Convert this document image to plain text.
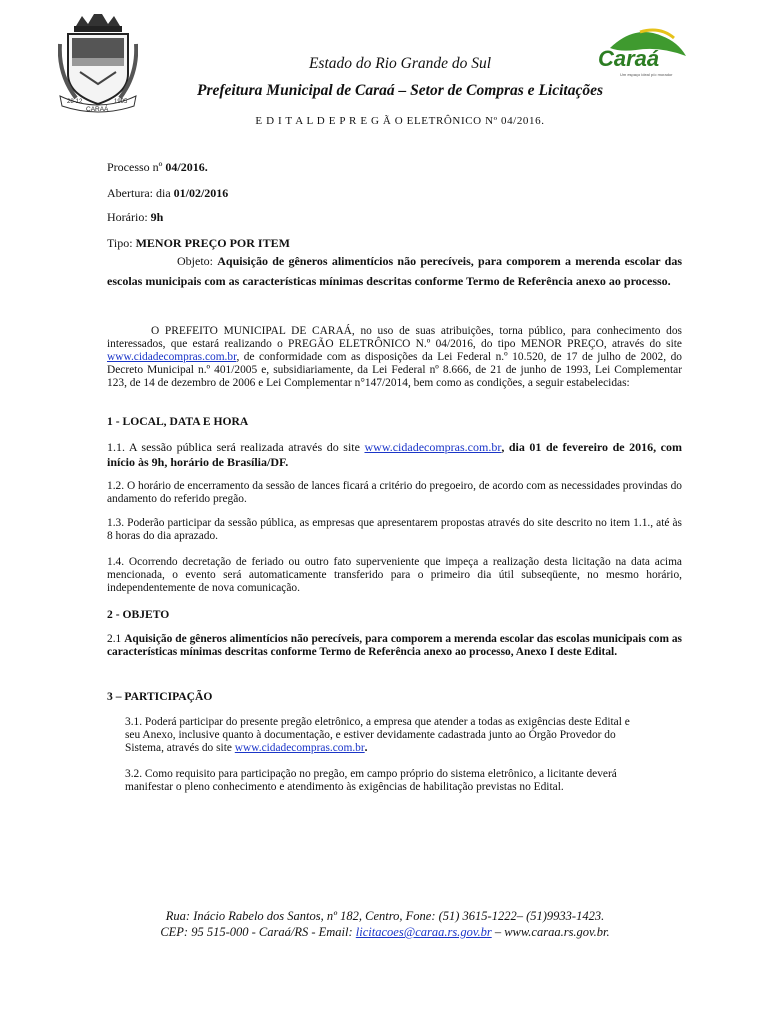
28-12	1995
CARAÁ
Caraá
Um espaço ideal p/o morador
Estado do Rio Grande do Sul
Prefeitura Municipal de Caraá – Setor de Compras e Licitações
E D I T A L D E P R E G Ã O ELETRÔNICO Nº 04/2016.
Processo nº 04/2016.
Abertura: dia 01/02/2016
Horário: 9h
Tipo: MENOR PREÇO POR ITEM
Objeto: Aquisição de gêneros alimentícios não perecíveis, para comporem a merenda escolar das escolas municipais com as características mínimas descritas conforme Termo de Referência anexo ao processo.
O PREFEITO MUNICIPAL DE CARAÁ, no uso de suas atribuições, torna público, para conhecimento dos interessados, que estará realizando o PREGÃO ELETRÔNICO N.º 04/2016, do tipo MENOR PREÇO, através do site www.cidadecompras.com.br, de conformidade com as disposições da Lei Federal n.º 10.520, de 17 de julho de 2002, do Decreto Municipal n.º 401/2005 e, subsidiariamente, da Lei Federal nº 8.666, de 21 de junho de 1993, Lei Complementar 123, de 14 de dezembro de 2006 e Lei Complementar n°147/2014, bem como as condições, a seguir estabelecidas:
1 - LOCAL, DATA E HORA
1.1. A sessão pública será realizada através do site www.cidadecompras.com.br, dia 01 de fevereiro de 2016, com início às 9h, horário de Brasília/DF.
1.2. O horário de encerramento da sessão de lances ficará a critério do pregoeiro, de acordo com as necessidades provindas do andamento do referido pregão.
1.3. Poderão participar da sessão pública, as empresas que apresentarem propostas através do site descrito no item 1.1., até às 8 horas do dia aprazado.
1.4. Ocorrendo decretação de feriado ou outro fato superveniente que impeça a realização desta licitação na data acima mencionada, o evento será automaticamente transferido para o primeiro dia útil subseqüente, no mesmo horário, independentemente de nova comunicação.
2 - OBJETO
2.1 Aquisição de gêneros alimentícios não perecíveis, para comporem a merenda escolar das escolas municipais com as características mínimas descritas conforme Termo de Referência anexo ao processo, Anexo I deste Edital.
3 – PARTICIPAÇÃO
3.1. Poderá participar do presente pregão eletrônico, a empresa que atender a todas as exigências deste Edital e seu Anexo, inclusive quanto à documentação, e estiver devidamente cadastrada junto ao Órgão Provedor do Sistema, através do site www.cidadecompras.com.br.
3.2. Como requisito para participação no pregão, em campo próprio do sistema eletrônico, a licitante deverá manifestar o pleno conhecimento e atendimento às exigências de habilitação previstas no Edital.
Rua: Inácio Rabelo dos Santos, nº 182, Centro, Fone: (51) 3615-1222– (51)9933-1423.
CEP: 95 515-000 - Caraá/RS - Email: licitacoes@caraa.rs.gov.br – www.caraa.rs.gov.br.
